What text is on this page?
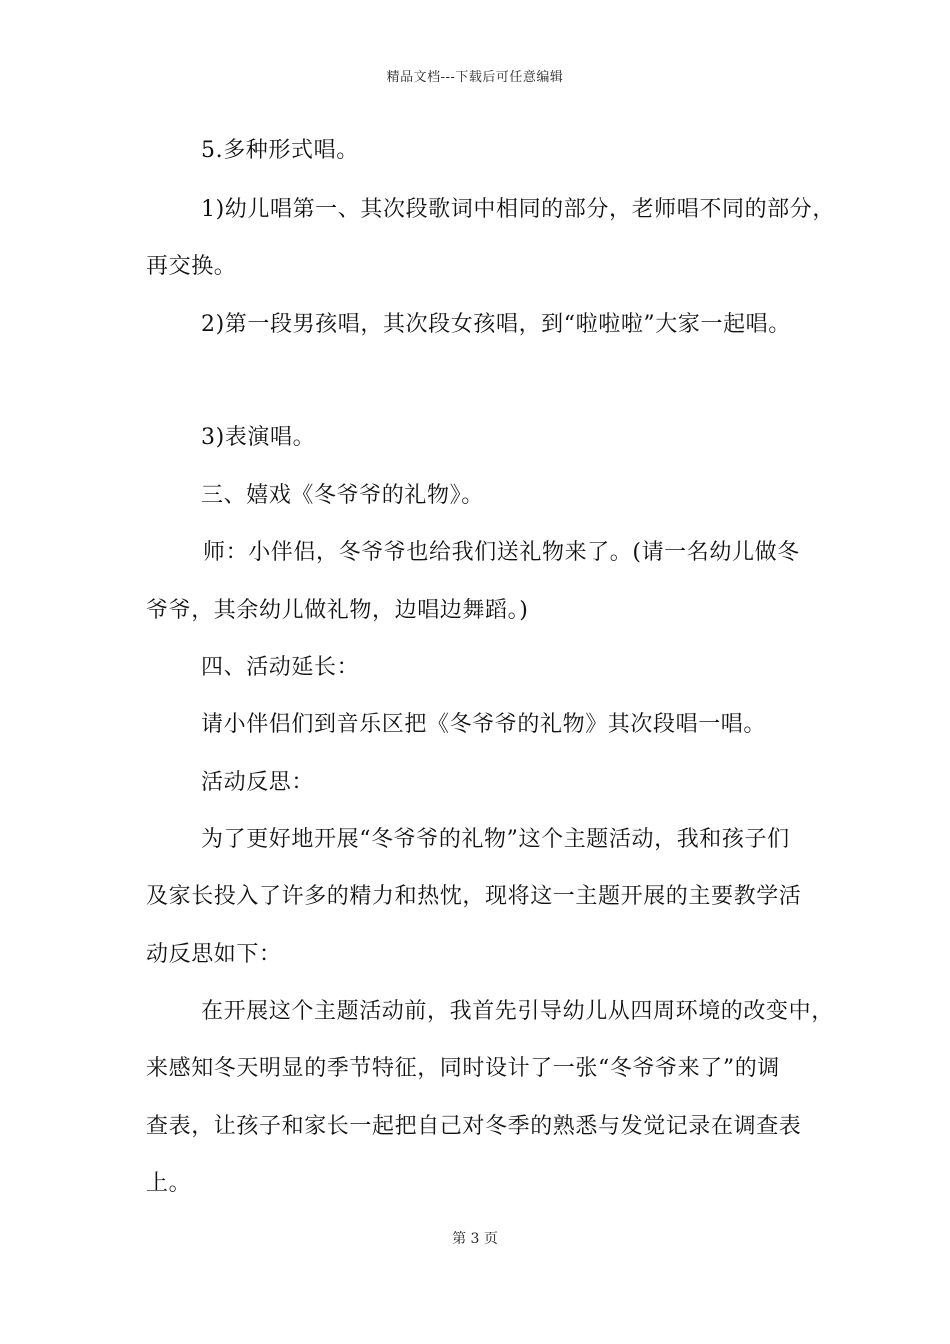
精品文档---下载后可任意编辑
5.多种形式唱。
1)幼儿唱第一、其次段歌词中相同的部分，老师唱不同的部分，
再交换。
2)第一段男孩唱，其次段女孩唱，到“啦啦啦”大家一起唱。
3)表演唱。
三、嬉戏《冬爷爷的礼物》。
师：小伴侣，冬爷爷也给我们送礼物来了。(请一名幼儿做冬
爷爷，其余幼儿做礼物，边唱边舞蹈。)
四、活动延长：
请小伴侣们到音乐区把《冬爷爷的礼物》其次段唱一唱。
活动反思：
为了更好地开展“冬爷爷的礼物”这个主题活动，我和孩子们
及家长投入了许多的精力和热忱，现将这一主题开展的主要教学活
动反思如下：
在开展这个主题活动前，我首先引导幼儿从四周环境的改变中，
来感知冬天明显的季节特征，同时设计了一张“冬爷爷来了”的调
查表，让孩子和家长一起把自己对冬季的熟悉与发觉记录在调查表
上。
第 3 页
